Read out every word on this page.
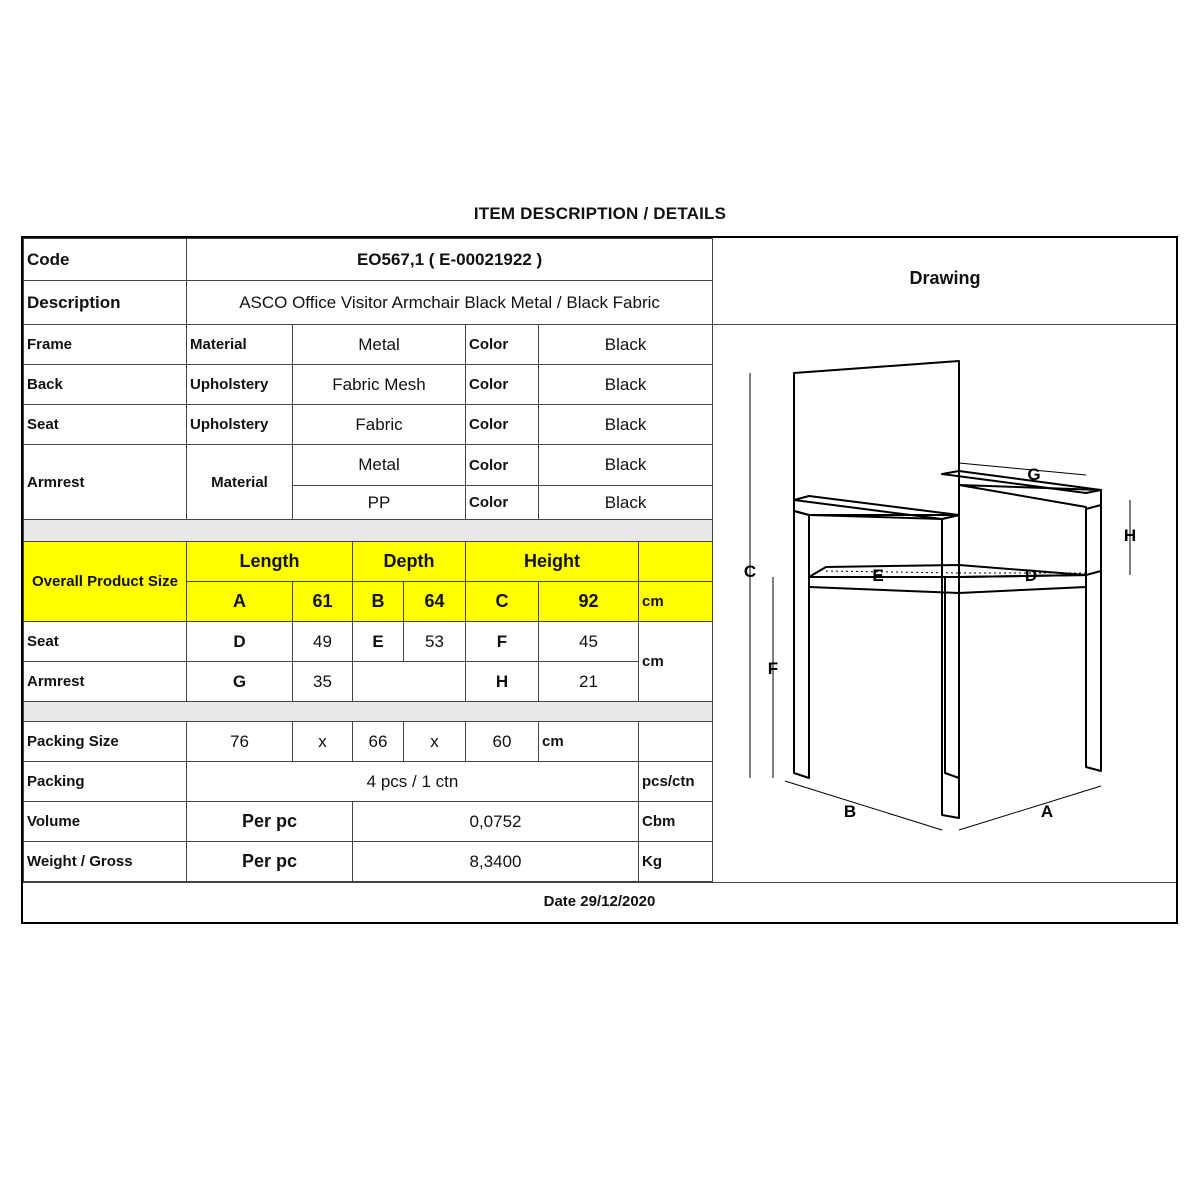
ITEM DESCRIPTION / DETAILS
Code	EO567,1 ( E-00021922 )						
Description	ASCO Office Visitor Armchair Black Metal / Black Fabric						
Frame	Material	Metal			Color	Black	
Back	Upholstery	Fabric Mesh			Color	Black	
Seat	Upholstery	Fabric			Color	Black	
Armrest	Material	Metal			Color	Black	
		PP			Color	Black	

Overall Product Size	Length		Depth		Height		
	A	61	B	64	C	92	cm
Seat	D	49	E	53	F	45	cm
Armrest	G	35			H	21	

Packing Size	76	x	66	x	60	cm	
Packing	4 pcs / 1 ctn						pcs/ctn
Volume	Per pc		0,0752				Cbm
Weight / Gross	Per pc		8,3400				Kg
Drawing
C
F
G
H
E	D
B	A
Date 29/12/2020
